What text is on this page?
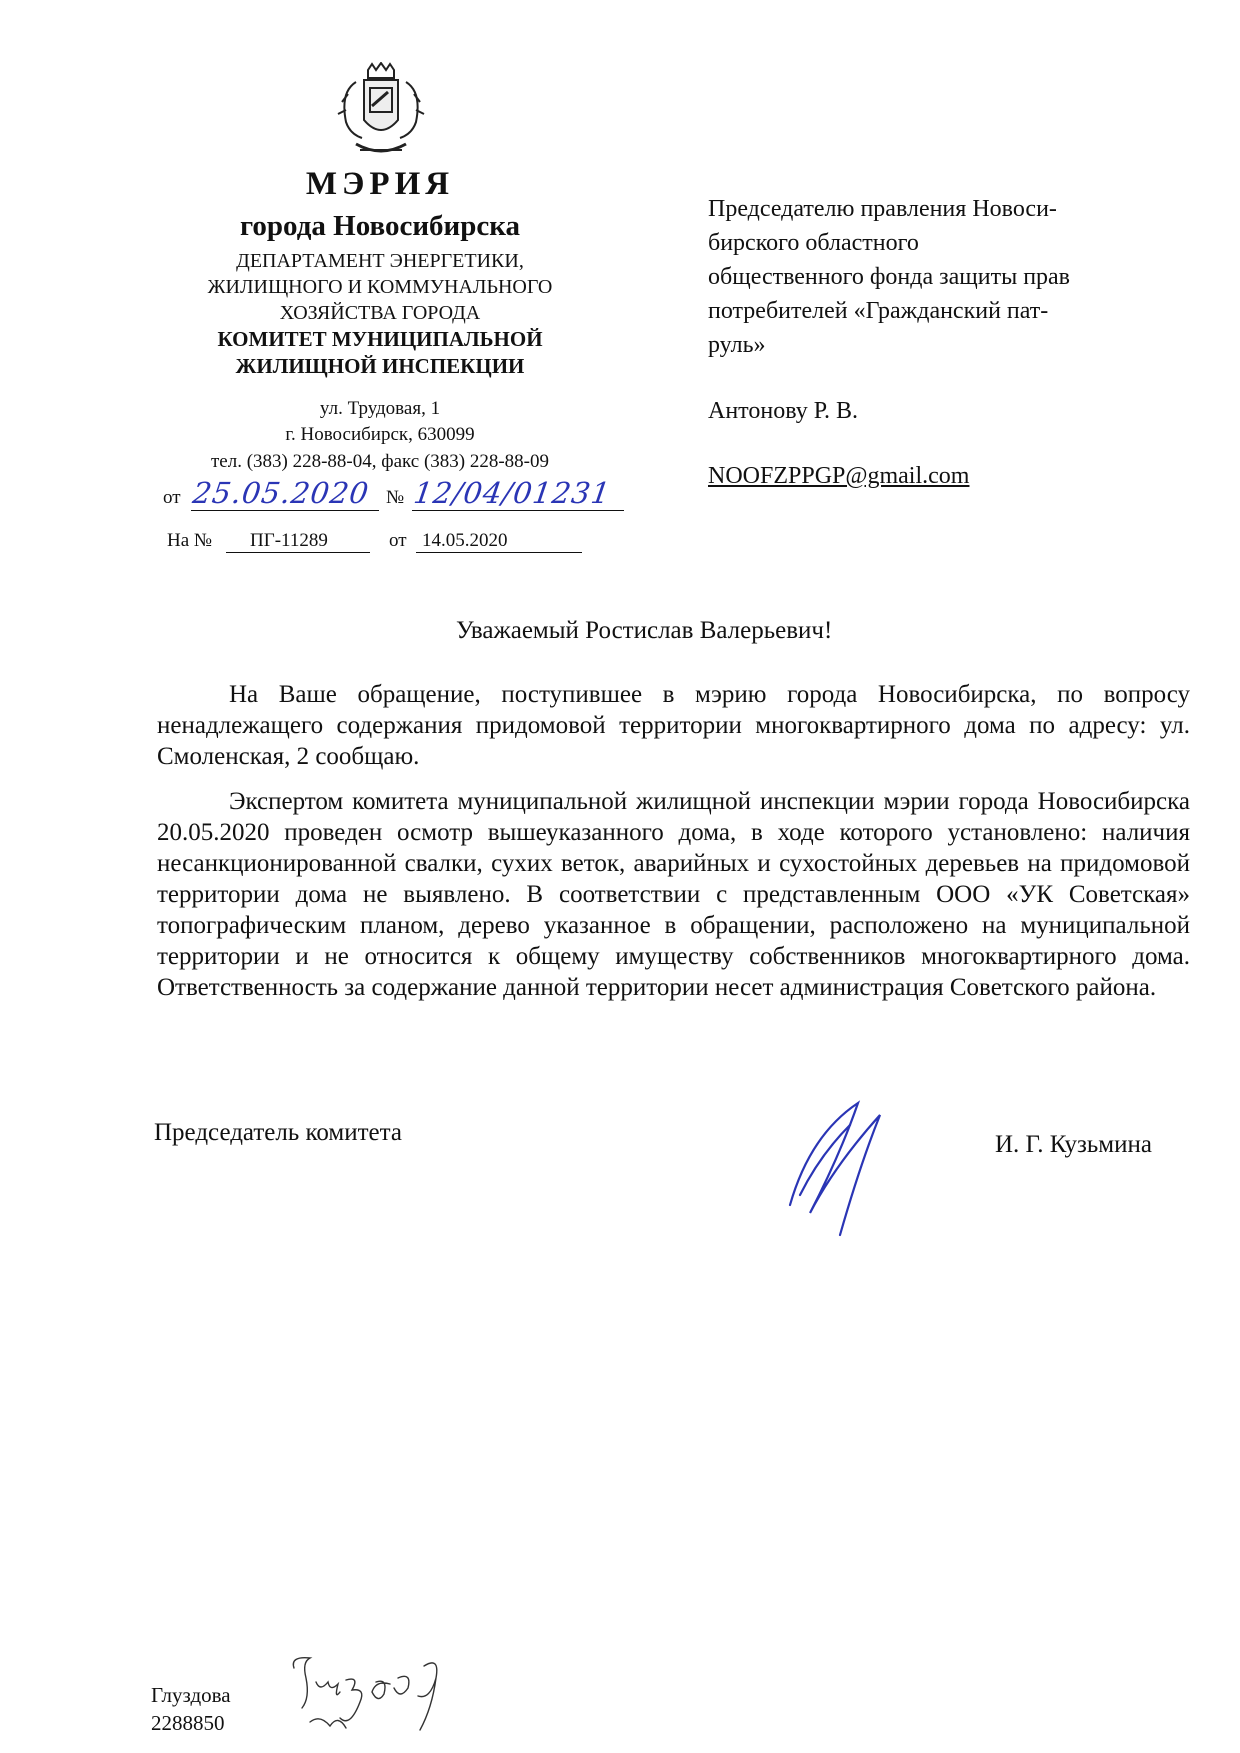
МЭРИЯ
города Новосибирска
ДЕПАРТАМЕНТ ЭНЕРГЕТИКИ,
ЖИЛИЩНОГО И КОММУНАЛЬНОГО
ХОЗЯЙСТВА ГОРОДА
КОМИТЕТ МУНИЦИПАЛЬНОЙ
ЖИЛИЩНОЙ ИНСПЕКЦИИ
ул. Трудовая, 1
г. Новосибирск, 630099
тел. (383) 228-88-04, факс (383) 228-88-09
от 25.05.2020 № 12/04/01231
На № ПГ-11289	от 14.05.2020
Председателю правления Новоси-
бирского областного
общественного фонда защиты прав
потребителей «Гражданский пат-
руль»
Антонову Р. В.
NOOFZPPGP@gmail.com
Уважаемый Ростислав Валерьевич!

На Ваше обращение, поступившее в мэрию города Новосибирска, по вопросу ненадлежащего содержания придомовой территории многоквартирного дома по адресу: ул. Смоленская, 2 сообщаю.

Экспертом комитета муниципальной жилищной инспекции мэрии города Новосибирска 20.05.2020 проведен осмотр вышеуказанного дома, в ходе которого установлено: наличия несанкционированной свалки, сухих веток, аварийных и сухостойных деревьев на придомовой территории дома не выявлено. В соответствии с представленным ООО «УК Советская» топографическим планом, дерево указанное в обращении, расположено на муниципальной территории и не относится к общему имуществу собственников многоквартирного дома. Ответственность за содержание данной территории несет администрация Советского района.

Председатель комитета	И. Г. Кузьмина
Глуздова
2288850
